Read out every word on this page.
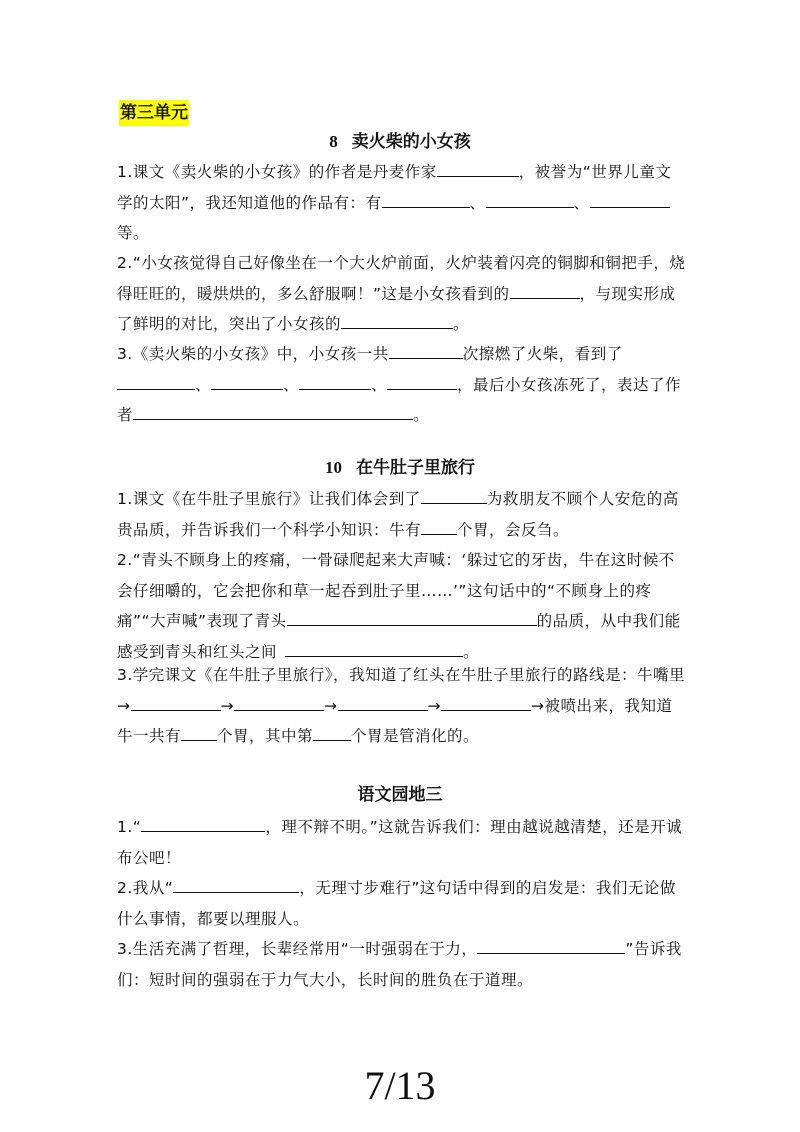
第三单元
8 卖火柴的小女孩

1.课文《卖火柴的小女孩》的作者是丹麦作家	，被誉为“世界儿童文学的太阳”，我还知道他的作品有：有	、	、等。

2.“小女孩觉得自己好像坐在一个大火炉前面，火炉装着闪亮的铜脚和铜把手，烧得旺旺的，暖烘烘的，多么舒服啊！”这是小女孩看到的	，与现实形成了鲜明的对比，突出了小女孩的	。

3.《卖火柴的小女孩》中，小女孩一共	次擦燃了火柴，看到了、	、	、	，最后小女孩冻死了，表达了作者	。

10 在牛肚子里旅行

1.课文《在牛肚子里旅行》让我们体会到了	为救朋友不顾个人安危的高贵品质，并告诉我们一个科学小知识：牛有 个胃，会反刍。

2.“青头不顾身上的疼痛，一骨碌爬起来大声喊：‘躲过它的牙齿，牛在这时候不会仔细嚼的，它会把你和草一起吞到肚子里……’”这句话中的“不顾身上的疼痛”“大声喊”表现了青头	的品质，从中我们能感受到青头和红头之间	。

3.学完课文《在牛肚子里旅行》，我知道了红头在牛肚子里旅行的路线是：牛嘴里→	→	→	→	→被喷出来，我知道牛一共有 个胃，其中第 个胃是管消化的。

语文园地三

1.“	，理不辩不明。”这就告诉我们：理由越说越清楚，还是开诚布公吧！

2.我从“	，无理寸步难行”这句话中得到的启发是：我们无论做什么事情，都要以理服人。

3.生活充满了哲理，长辈经常用“一时强弱在于力，	”告诉我们：短时间的强弱在于力气大小，长时间的胜负在于道理。

7/13
